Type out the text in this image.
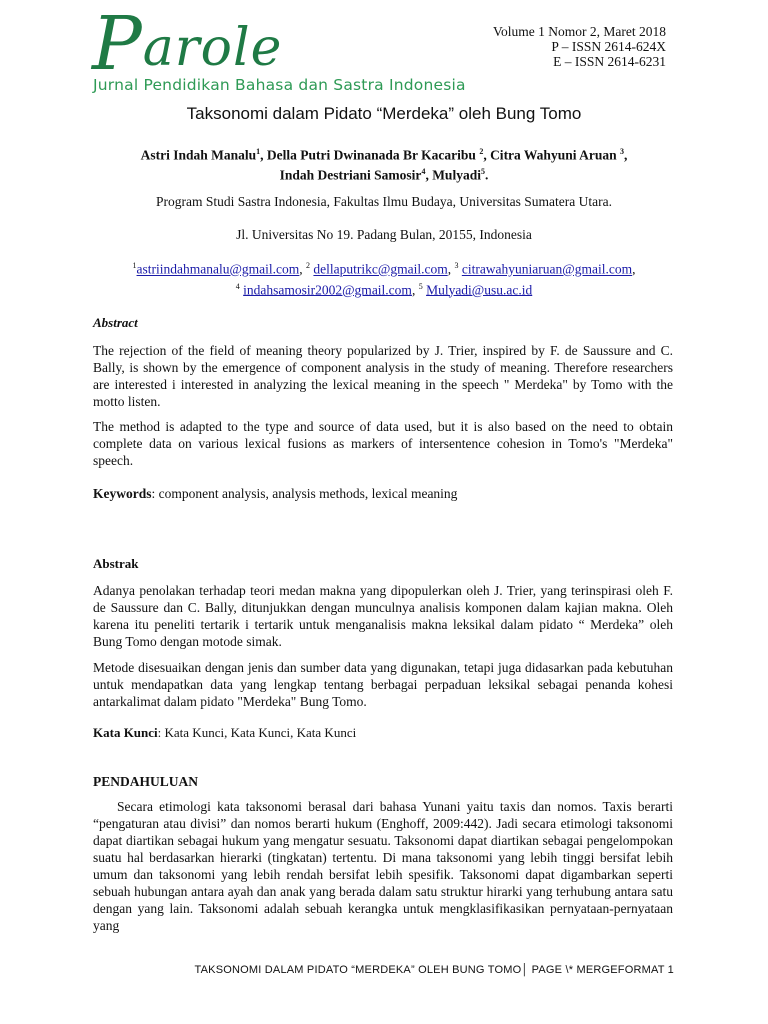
Parole
Jurnal Pendidikan Bahasa dan Sastra Indonesia
Volume 1 Nomor 2, Maret 2018
P – ISSN 2614-624X
E – ISSN 2614-6231
Taksonomi dalam Pidato “Merdeka” oleh Bung Tomo
Astri Indah Manalu$^1$, Della Putri Dwinanada Br Kacaribu $^2$, Citra Wahyuni Aruan $^3$,
Indah Destriani Samosir$^4$, Mulyadi$^5$.
Program Studi Sastra Indonesia, Fakultas Ilmu Budaya, Universitas Sumatera Utara.
Jl. Universitas No 19. Padang Bulan, 20155, Indonesia
$^1$astriindahmanalu@gmail.com, $^2$ dellaputrikc@gmail.com, $^3$ citrawahyuniaruan@gmail.com,
$^4$ indahsamosir2002@gmail.com, $^5$ Mulyadi@usu.ac.id
Abstract
The rejection of the field of meaning theory popularized by J. Trier, inspired by F. de Saussure and C. Bally, is shown by the emergence of component analysis in the study of meaning. Therefore researchers are interested i interested in analyzing the lexical meaning in the speech " Merdeka" by Tomo with the motto listen.
The method is adapted to the type and source of data used, but it is also based on the need to obtain complete data on various lexical fusions as markers of intersentence cohesion in Tomo's "Merdeka" speech.
Keywords: component analysis, analysis methods, lexical meaning
Abstrak
Adanya penolakan terhadap teori medan makna yang dipopulerkan oleh J. Trier, yang terinspirasi oleh F. de Saussure dan C. Bally, ditunjukkan dengan munculnya analisis komponen dalam kajian makna. Oleh karena itu peneliti tertarik i tertarik untuk menganalisis makna leksikal dalam pidato “ Merdeka” oleh Bung Tomo dengan motode simak.
Metode disesuaikan dengan jenis dan sumber data yang digunakan, tetapi juga didasarkan pada kebutuhan untuk mendapatkan data yang lengkap tentang berbagai perpaduan leksikal sebagai penanda kohesi antarkalimat dalam pidato "Merdeka" Bung Tomo.
Kata Kunci: Kata Kunci, Kata Kunci, Kata Kunci
PENDAHULUAN
Secara etimologi kata taksonomi berasal dari bahasa Yunani yaitu taxis dan nomos. Taxis berarti “pengaturan atau divisi” dan nomos berarti hukum (Enghoff, 2009:442). Jadi secara etimologi taksonomi dapat diartikan sebagai hukum yang mengatur sesuatu. Taksonomi dapat diartikan sebagai pengelompokan suatu hal berdasarkan hierarki (tingkatan) tertentu. Di mana taksonomi yang lebih tinggi bersifat lebih umum dan taksonomi yang lebih rendah bersifat lebih spesifik. Taksonomi dapat digambarkan seperti sebuah hubungan antara ayah dan anak yang berada dalam satu struktur hirarki yang terhubung antara satu dengan yang lain. Taksonomi adalah sebuah kerangka untuk mengklasifikasikan pernyataan-pernyataan yang
TAKSONOMI DALAM PIDATO “MERDEKA” OLEH BUNG TOMO│ PAGE \* MERGEFORMAT 1
